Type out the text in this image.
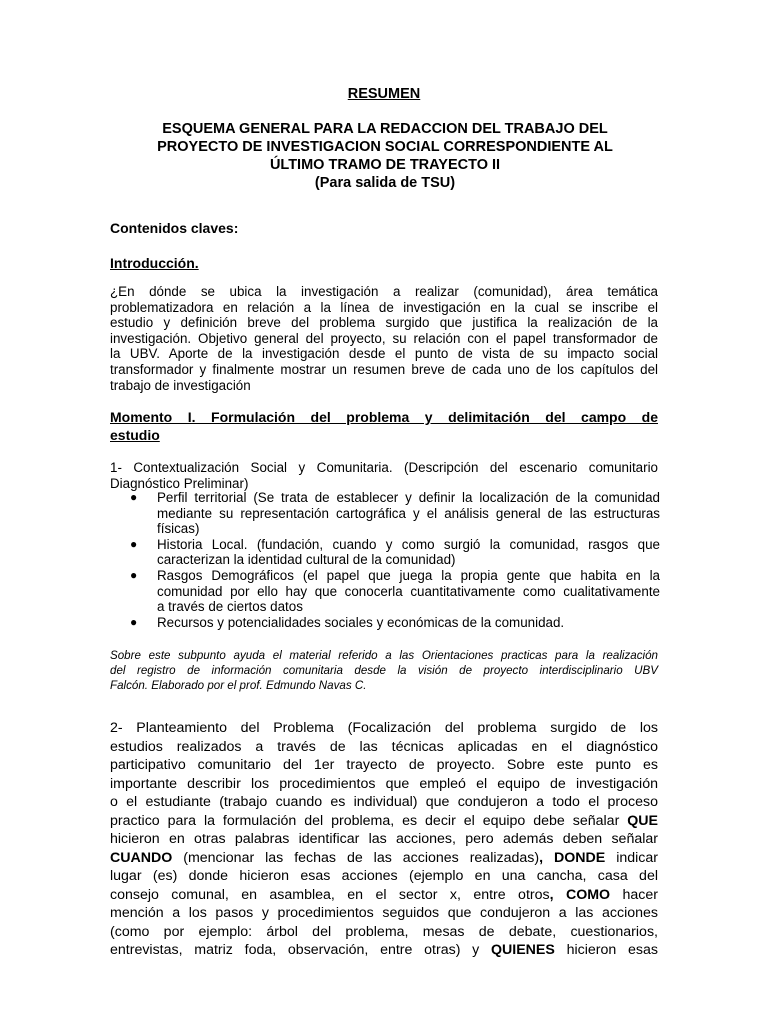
RESUMEN
ESQUEMA GENERAL PARA LA REDACCION DEL TRABAJO DEL
PROYECTO DE INVESTIGACION SOCIAL CORRESPONDIENTE AL
ÚLTIMO TRAMO DE TRAYECTO II
(Para salida de TSU)
Contenidos claves:
Introducción.
¿En dónde se ubica la investigación a realizar (comunidad), área temática
problematizadora en relación a la línea de investigación en la cual se inscribe el
estudio y definición breve del problema surgido que justifica la realización de la
investigación. Objetivo general del proyecto, su relación con el papel transformador de
la UBV. Aporte de la investigación desde el punto de vista de su impacto social
transformador y finalmente mostrar un resumen breve de cada uno de los capítulos del
trabajo de investigación
Momento I. Formulación del problema y delimitación del campo de
estudio
1- Contextualización Social y Comunitaria. (Descripción del escenario comunitario
Diagnóstico Preliminar)
● Perfil territorial (Se trata de establecer y definir la localización de la comunidad
mediante su representación cartográfica y el análisis general de las estructuras
físicas)
● Historia Local. (fundación, cuando y como surgió la comunidad, rasgos que
caracterizan la identidad cultural de la comunidad)
● Rasgos Demográficos (el papel que juega la propia gente que habita en la
comunidad por ello hay que conocerla cuantitativamente como cualitativamente
a través de ciertos datos
● Recursos y potencialidades sociales y económicas de la comunidad.
Sobre este subpunto ayuda el material referido a las Orientaciones practicas para la realización
del registro de información comunitaria desde la visión de proyecto interdisciplinario UBV
Falcón. Elaborado por el prof. Edmundo Navas C.
2- Planteamiento del Problema (Focalización del problema surgido de los
estudios realizados a través de las técnicas aplicadas en el diagnóstico
participativo comunitario del 1er trayecto de proyecto. Sobre este punto es
importante describir los procedimientos que empleó el equipo de investigación
o el estudiante (trabajo cuando es individual) que condujeron a todo el proceso
practico para la formulación del problema, es decir el equipo debe señalar QUE
hicieron en otras palabras identificar las acciones, pero además deben señalar
CUANDO (mencionar las fechas de las acciones realizadas), DONDE indicar
lugar (es) donde hicieron esas acciones (ejemplo en una cancha, casa del
consejo comunal, en asamblea, en el sector x, entre otros, COMO hacer
mención a los pasos y procedimientos seguidos que condujeron a las acciones
(como por ejemplo: árbol del problema, mesas de debate, cuestionarios,
entrevistas, matriz foda, observación, entre otras) y QUIENES hicieron esas
